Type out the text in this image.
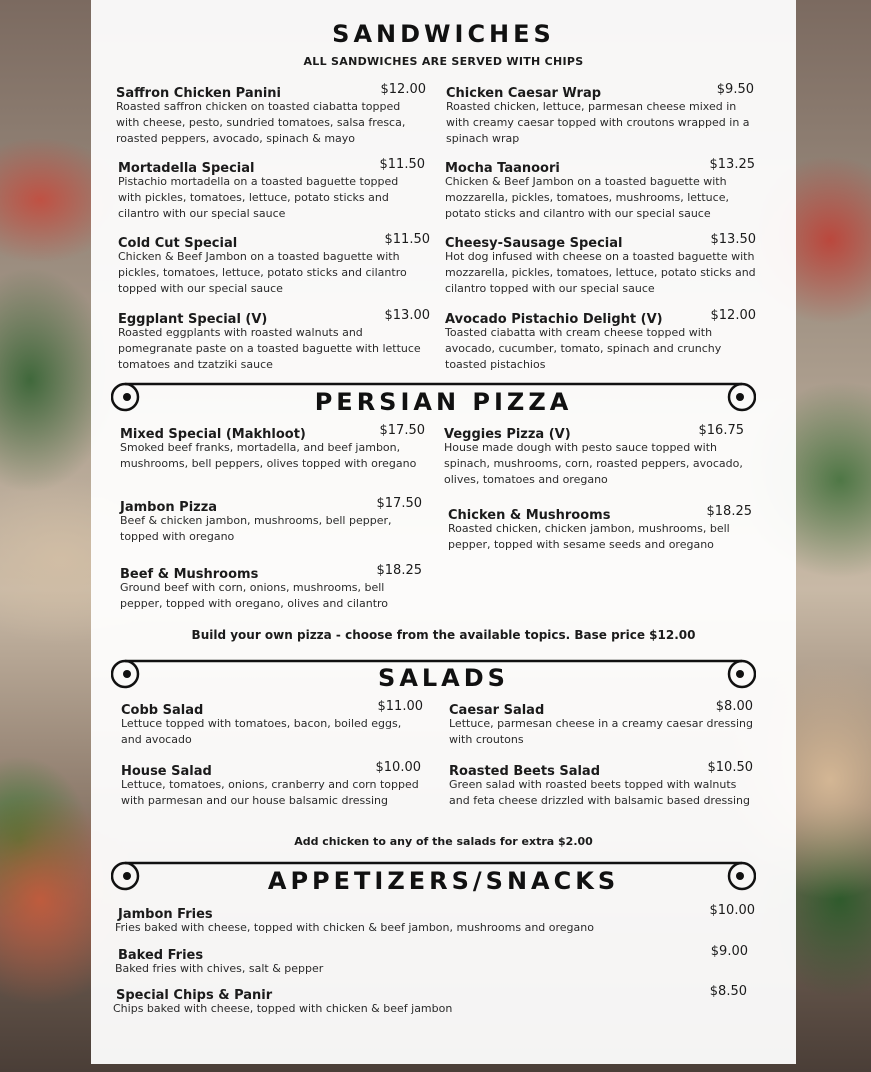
SANDWICHES
ALL SANDWICHES ARE SERVED WITH CHIPS
Saffron Chicken Panini	$12.00
Roasted saffron chicken on toasted ciabatta topped with cheese, pesto, sundried tomatoes, salsa fresca, roasted peppers, avocado, spinach & mayo
Chicken Caesar Wrap	$9.50
Roasted chicken, lettuce, parmesan cheese mixed in with creamy caesar topped with croutons wrapped in a spinach wrap
Mortadella Special	$11.50
Pistachio mortadella on a toasted baguette topped with pickles, tomatoes, lettuce, potato sticks and cilantro with our special sauce
Mocha Taanoori	$13.25
Chicken & Beef Jambon on a toasted baguette with mozzarella, pickles, tomatoes, mushrooms, lettuce, potato sticks and cilantro with our special sauce
Cold Cut Special	$11.50
Chicken & Beef Jambon on a toasted baguette with pickles, tomatoes, lettuce, potato sticks and cilantro topped with our special sauce
Cheesy-Sausage Special	$13.50
Hot dog infused with cheese on a toasted baguette with mozzarella, pickles, tomatoes, lettuce, potato sticks and cilantro topped with our special sauce
Eggplant Special (V)	$13.00
Roasted eggplants with roasted walnuts and pomegranate paste on a toasted baguette with lettuce tomatoes and tzatziki sauce
Avocado Pistachio Delight (V)	$12.00
Toasted ciabatta with cream cheese topped with avocado, cucumber, tomato, spinach and crunchy toasted pistachios
PERSIAN PIZZA
Mixed Special (Makhloot)	$17.50
Smoked beef franks, mortadella, and beef jambon, mushrooms, bell peppers, olives topped with oregano
Veggies Pizza (V)	$16.75
House made dough with pesto sauce topped with spinach, mushrooms, corn, roasted peppers, avocado, olives, tomatoes and oregano
Jambon Pizza	$17.50
Beef & chicken jambon, mushrooms, bell pepper, topped with oregano
Chicken & Mushrooms	$18.25
Roasted chicken, chicken jambon, mushrooms, bell pepper, topped with sesame seeds and oregano
Beef & Mushrooms	$18.25
Ground beef with corn, onions, mushrooms, bell pepper, topped with oregano, olives and cilantro
Build your own pizza - choose from the available topics. Base price $12.00
SALADS
Cobb Salad	$11.00
Lettuce topped with tomatoes, bacon, boiled eggs, and avocado
Caesar Salad	$8.00
Lettuce, parmesan cheese in a creamy caesar dressing with croutons
House Salad	$10.00
Lettuce, tomatoes, onions, cranberry and corn topped with parmesan and our house balsamic dressing
Roasted Beets Salad	$10.50
Green salad with roasted beets topped with walnuts and feta cheese drizzled with balsamic based dressing
Add chicken to any of the salads for extra $2.00
APPETIZERS/SNACKS
Jambon Fries	$10.00
Fries baked with cheese, topped with chicken & beef jambon, mushrooms and oregano
Baked Fries	$9.00
Baked fries with chives, salt & pepper
Special Chips & Panir	$8.50
Chips baked with cheese, topped with chicken & beef jambon
